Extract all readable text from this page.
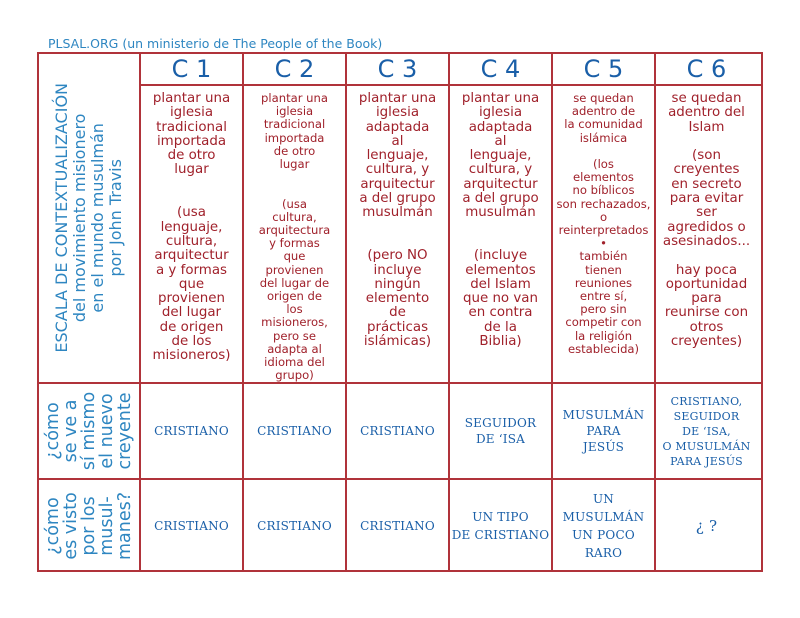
PLSAL.ORG (un ministerio de The People of the Book)
ESCALA DE CONTEXTUALIZACIÓN
del movimiento misionero
en el mundo musulmán
por John Travis
¿cómo
se ve a
sí mismo
el nuevo
creyente
¿cómo
es visto
por los
musul-
manes?
C 1
plantar una
iglesia
tradicional
importada
de otro
lugar

(usa
lenguaje,
cultura,
arquitectur
a y formas
que
provienen
del lugar
de origen
de los
misioneros)
CRISTIANO
CRISTIANO
C 2
plantar una
iglesia
tradicional
importada
de otro
lugar

(usa
cultura,
arquitectura
y formas
que
provienen
del lugar de
origen de
los
misioneros,
pero se
adapta al
idioma del
grupo)
CRISTIANO
CRISTIANO
C 3
plantar una
iglesia
adaptada
al
lenguaje,
cultura, y
arquitectur
a del grupo
musulmán

(pero NO
incluye
ningún
elemento
de
prácticas
islámicas)
CRISTIANO
CRISTIANO
C 4
plantar una
iglesia
adaptada
al
lenguaje,
cultura, y
arquitectur
a del grupo
musulmán

(incluye
elementos
del Islam
que no van
en contra
de la
Biblia)
SEGUIDOR
DE ʻISA
UN TIPO
DE CRISTIANO
C 5
se quedan
adentro de
la comunidad
islámica

(los
elementos
no bíblicos
son rechazados,
o
reinterpretados
•
también
tienen
reuniones
entre sí,
pero sin
competir con
la religión
establecida)
MUSULMÁN
PARA
JESÚS
UN
MUSULMÁN
UN POCO RARO
C 6
se quedan
adentro del
Islam

(son
creyentes
en secreto
para evitar
ser
agredidos o
asesinados...

hay poca
oportunidad
para
reunirse con
otros
creyentes)
CRISTIANO,
SEGUIDOR
DE ʻISA,
O MUSULMÁN
PARA JESÚS
¿ ?
